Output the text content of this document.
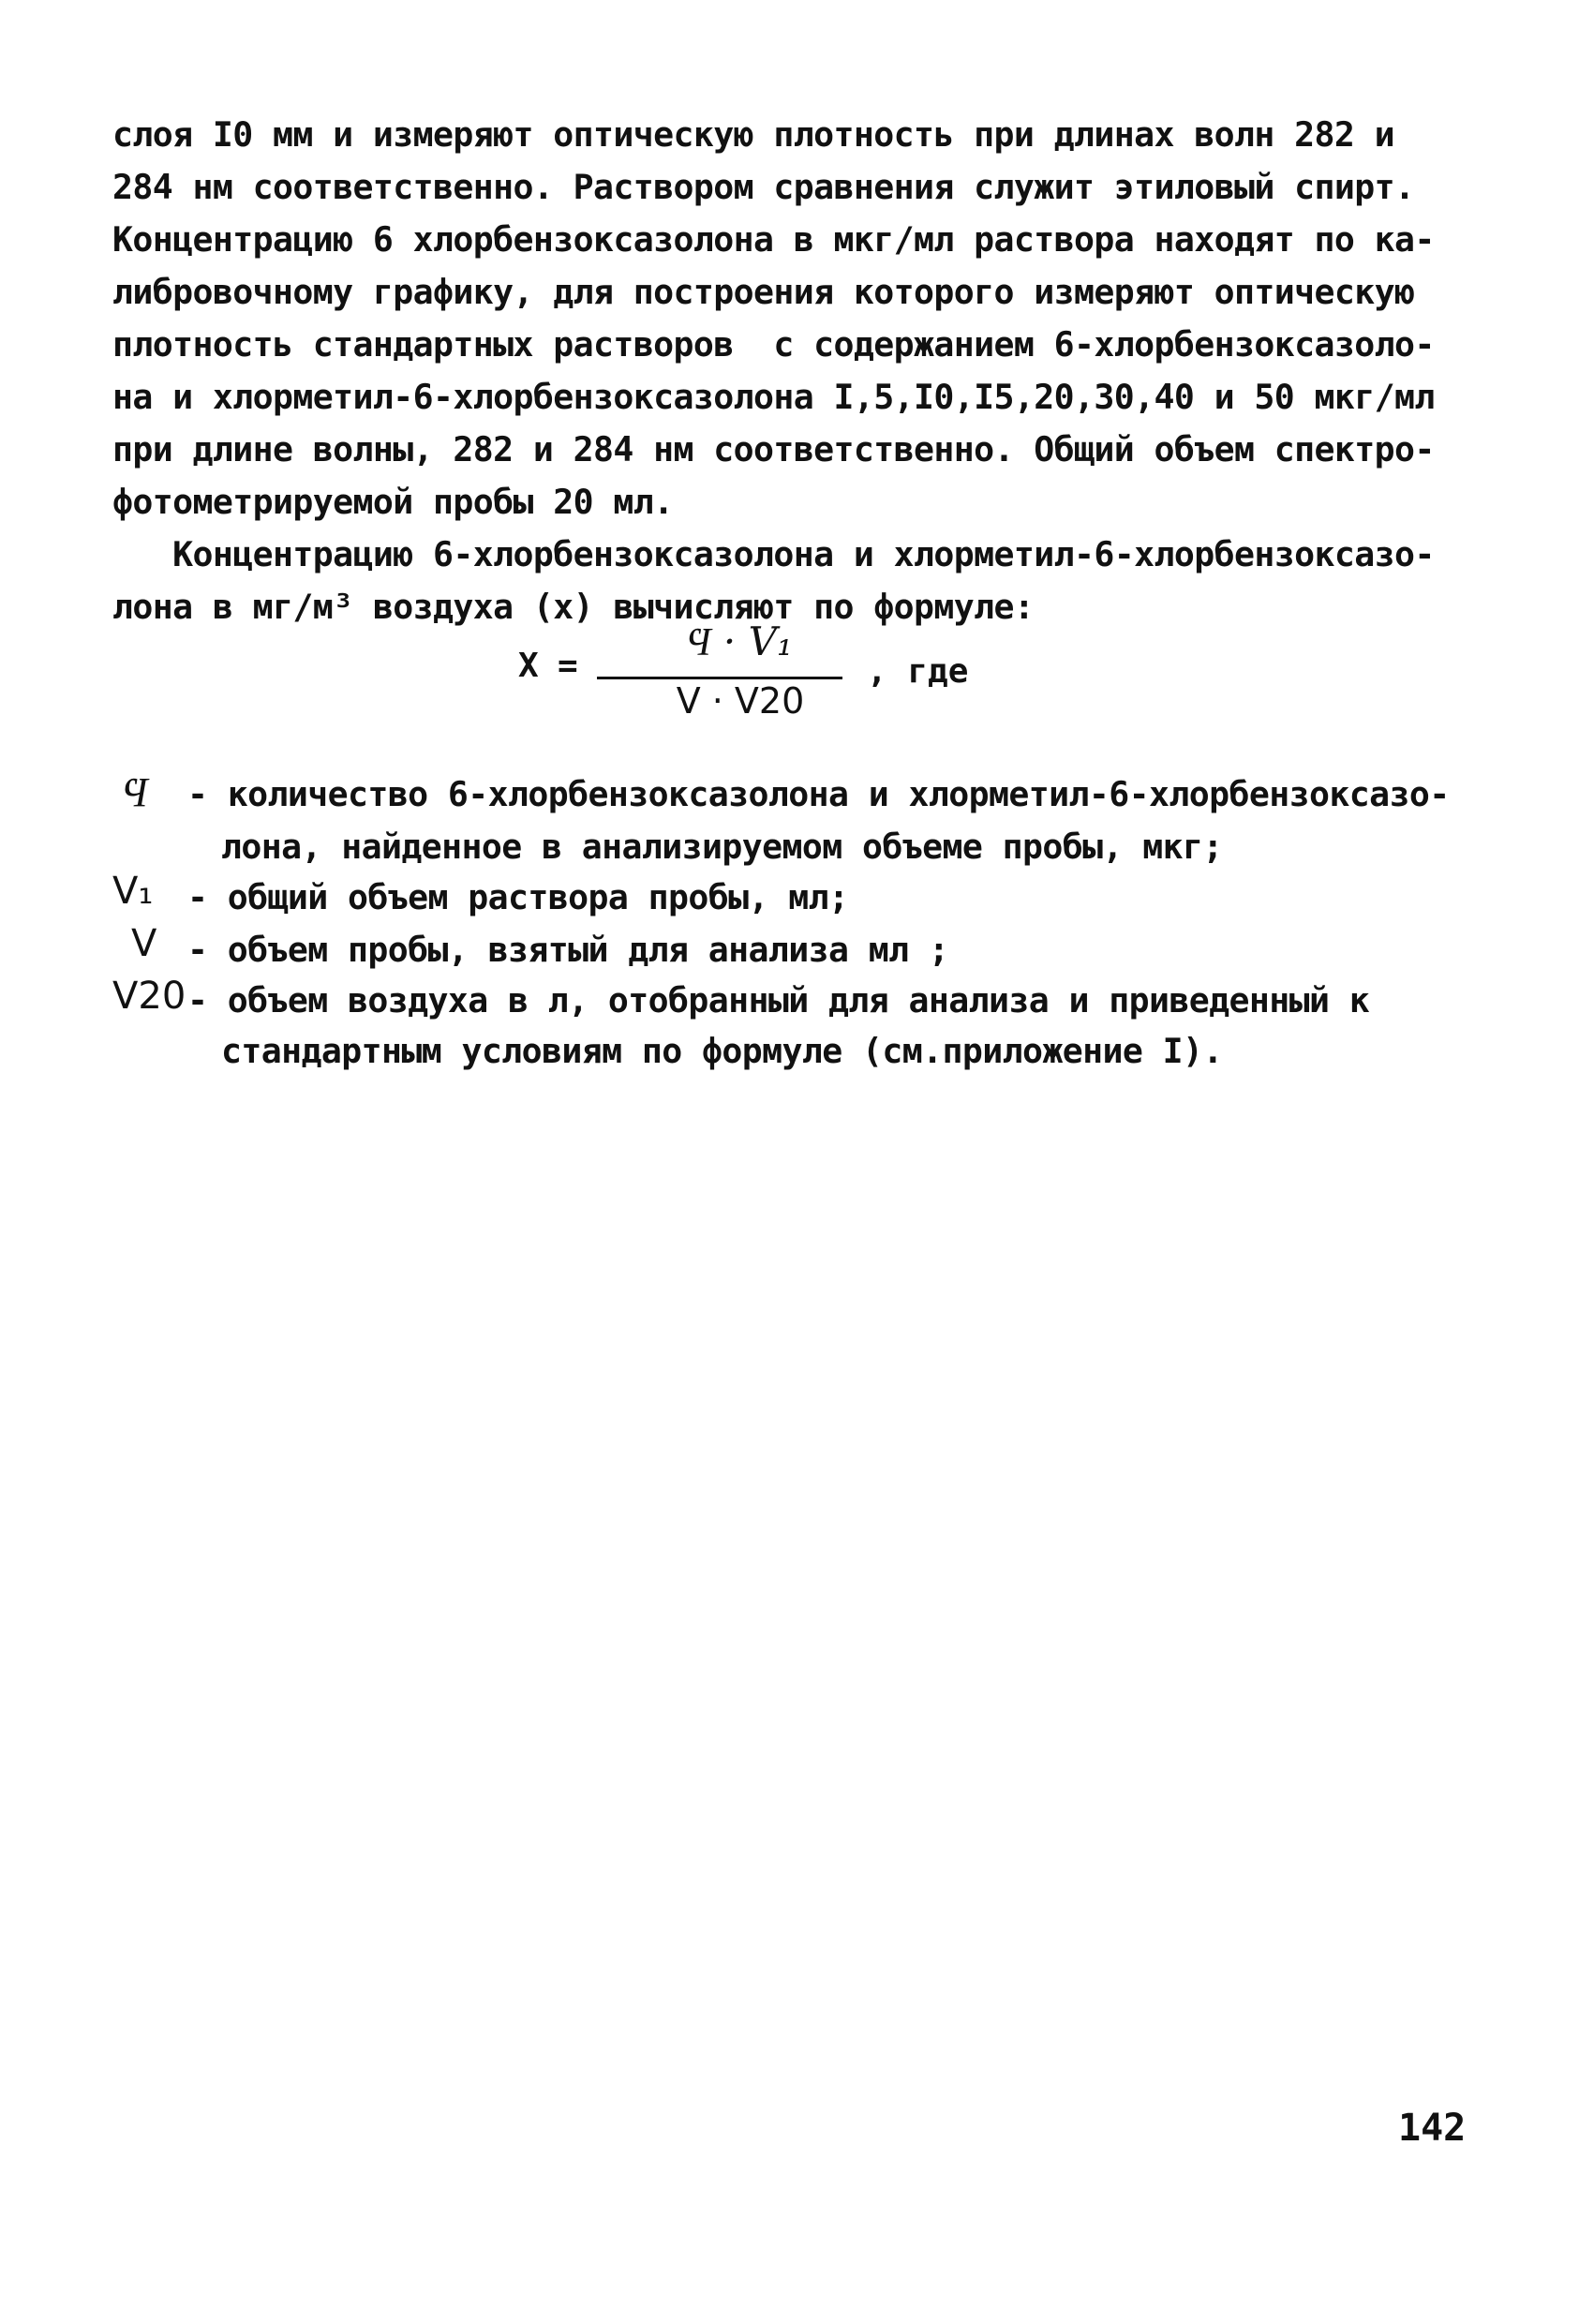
слоя I0 мм и измеряют оптическую плотность при длинах волн 282 и
284 нм соответственно. Раствором сравнения служит этиловый спирт.
Концентрацию 6 хлорбензоксазолона в мкг/мл раствора находят по ка-
либровочному графику, для построения которого измеряют оптическую
плотность стандартных растворов  с содержанием 6-хлорбензоксазоло-
на и хлорметил-6-хлорбензоксазолона I,5,I0,I5,20,30,40 и 50 мкг/мл
при длине волны, 282 и 284 нм соответственно. Общий объем спектро-
фотометрируемой пробы 20 мл.
Концентрацию 6-хлорбензоксазолона и хлорметил-6-хлорбензоксазо-
лона в мг/м³ воздуха (х) вычисляют по формуле:
Х =
Ϥ · V₁
V · V20
, где
Ϥ - количество 6-хлорбензоксазолона и хлорметил-6-хлорбензоксазо-
лона, найденное в анализируемом объеме пробы, мкг;
V₁ - общий объем раствора пробы, мл;
V - объем пробы, взятый для анализа мл ;
V20 - объем воздуха в л, отобранный для анализа и приведенный к
стандартным условиям по формуле (см.приложение I).
142
